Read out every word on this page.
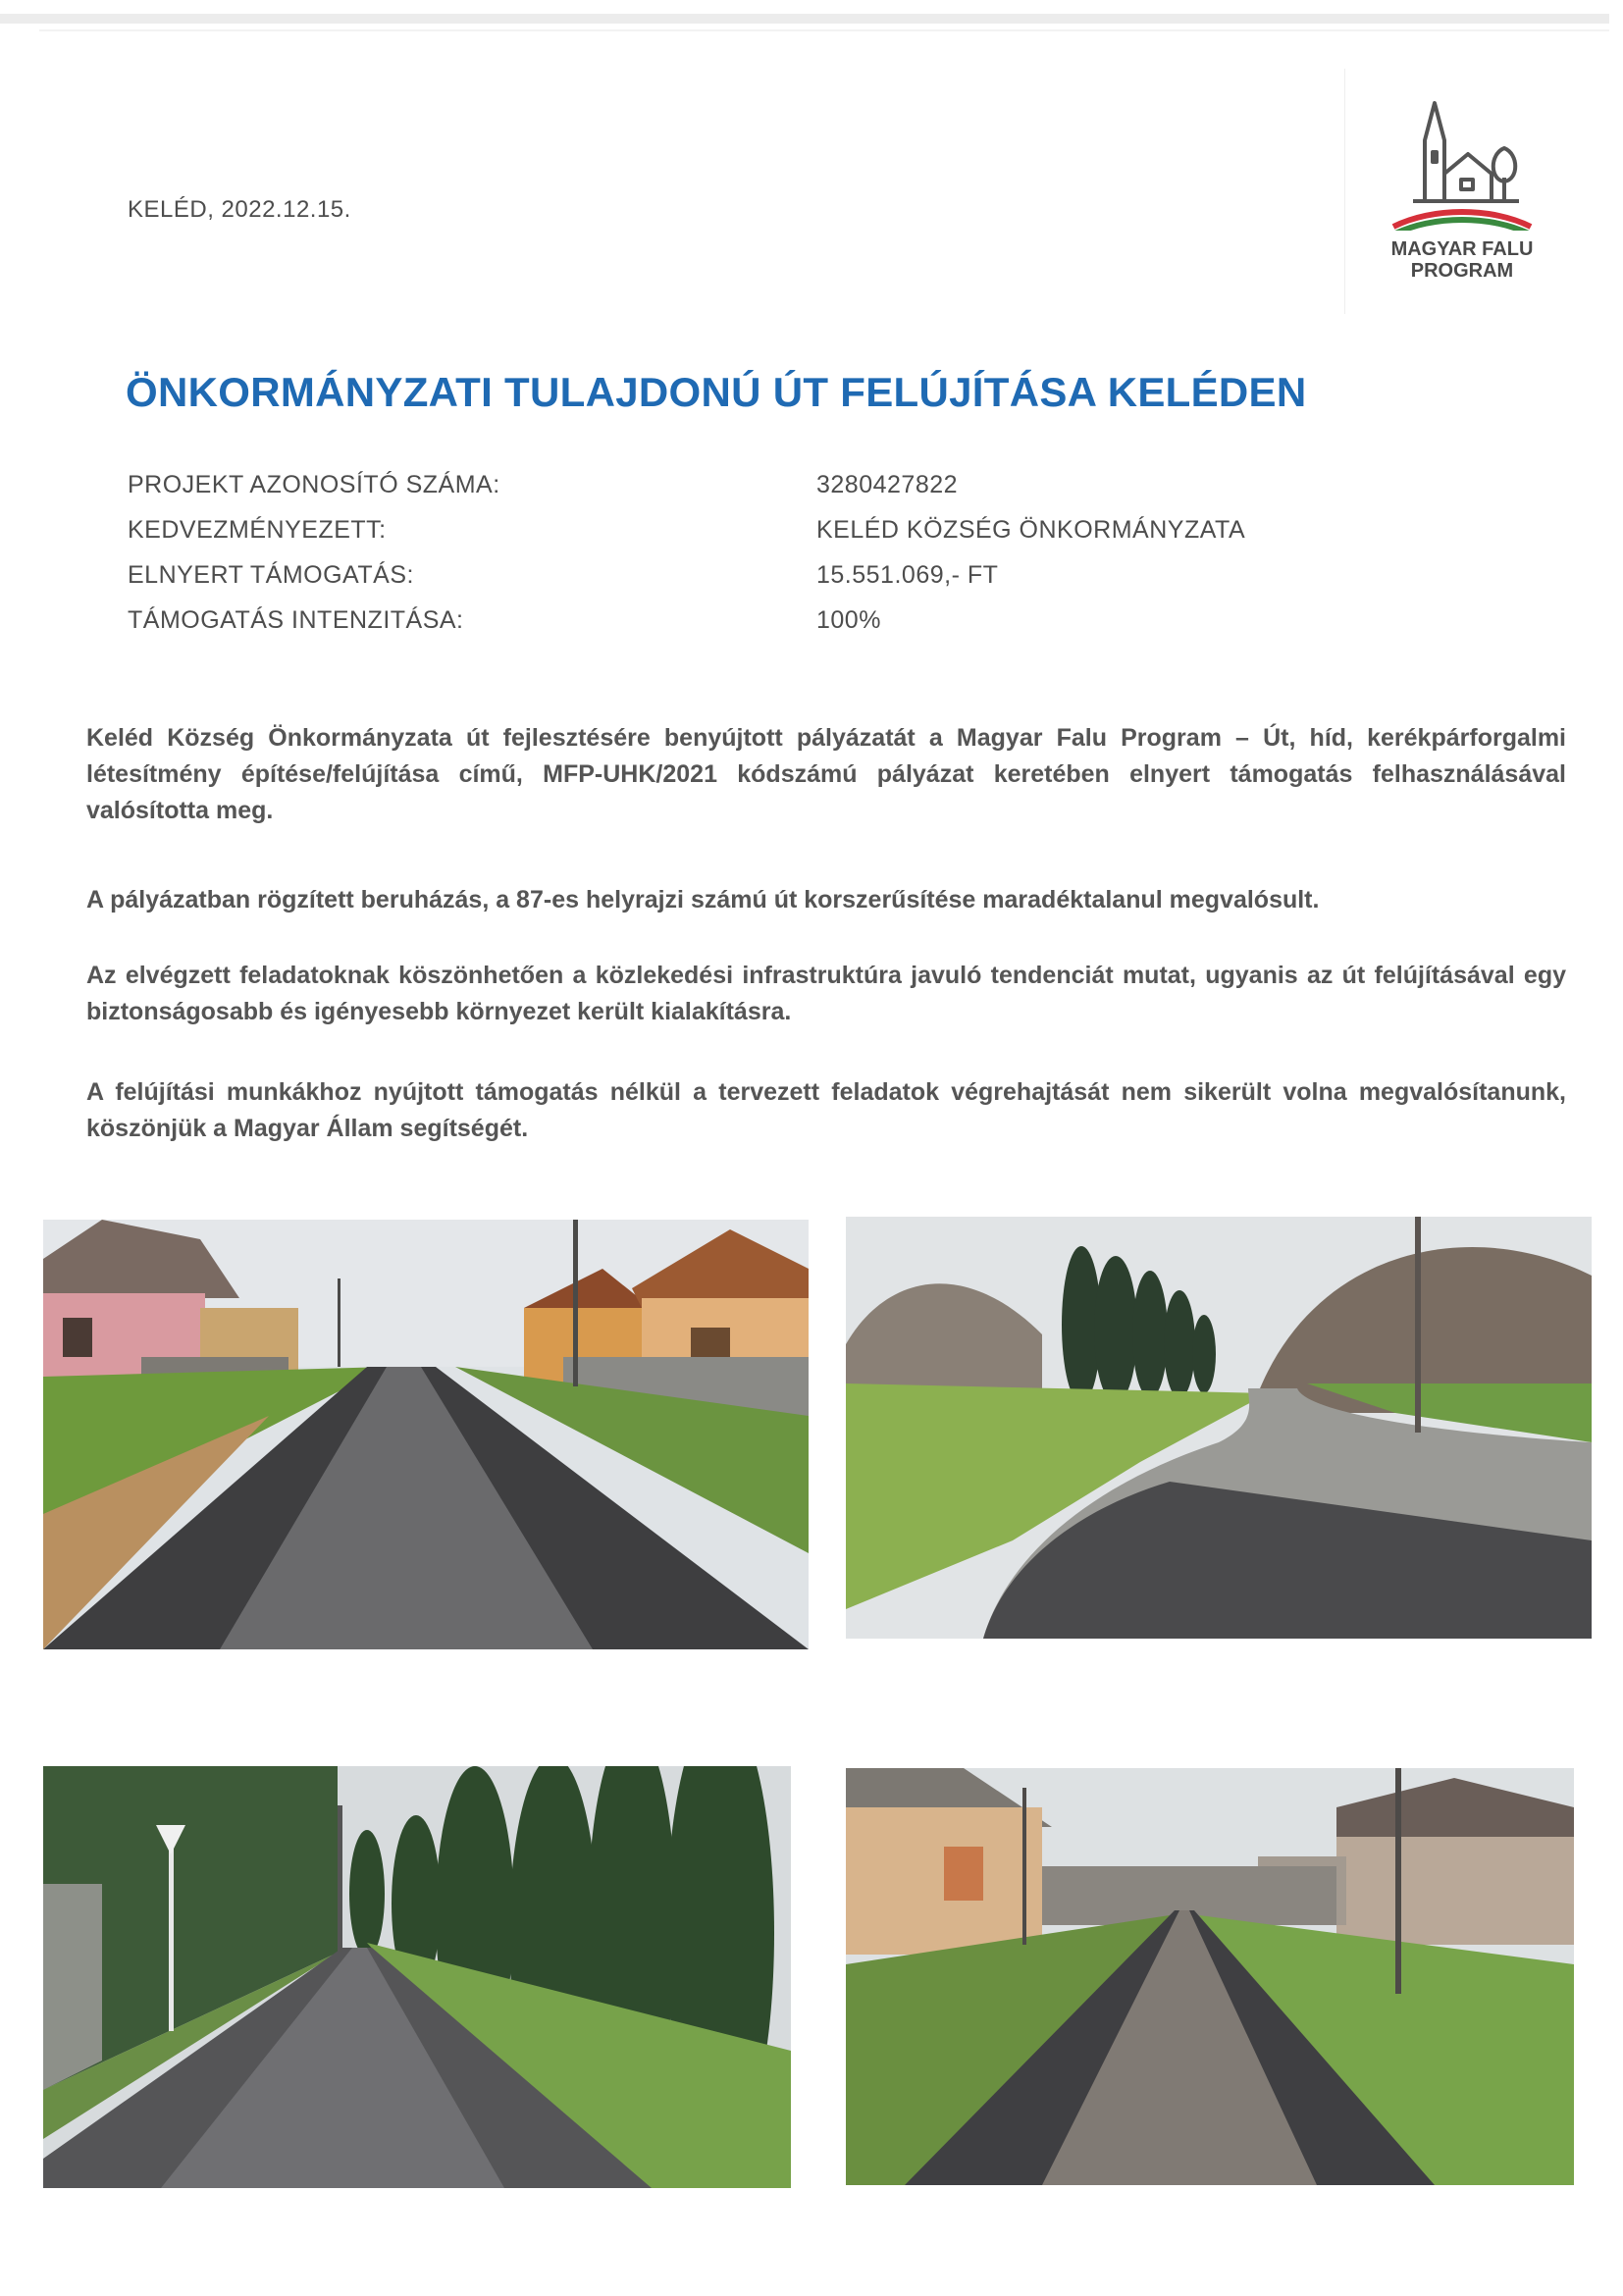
KELÉD, 2022.12.15.
MAGYAR FALU
PROGRAM
ÖNKORMÁNYZATI TULAJDONÚ ÚT FELÚJÍTÁSA KELÉDEN
PROJEKT AZONOSÍTÓ SZÁMA:	3280427822
KEDVEZMÉNYEZETT:	KELÉD KÖZSÉG ÖNKORMÁNYZATA
ELNYERT TÁMOGATÁS:	15.551.069,- FT
TÁMOGATÁS INTENZITÁSA:	100%

Keléd Község Önkormányzata út fejlesztésére benyújtott pályázatát a Magyar Falu Program – Út, híd, kerékpárforgalmi létesítmény építése/felújítása című, MFP-UHK/2021 kódszámú pályázat keretében elnyert támogatás felhasználásával valósította meg.

A pályázatban rögzített beruházás, a 87-es helyrajzi számú út korszerűsítése maradéktalanul megvalósult.

Az elvégzett feladatoknak köszönhetően a közlekedési infrastruktúra javuló tendenciát mutat, ugyanis az út felújításával egy biztonságosabb és igényesebb környezet került kialakításra.

A felújítási munkákhoz nyújtott támogatás nélkül a tervezett feladatok végrehajtását nem sikerült volna megvalósítanunk, köszönjük a Magyar Állam segítségét.
